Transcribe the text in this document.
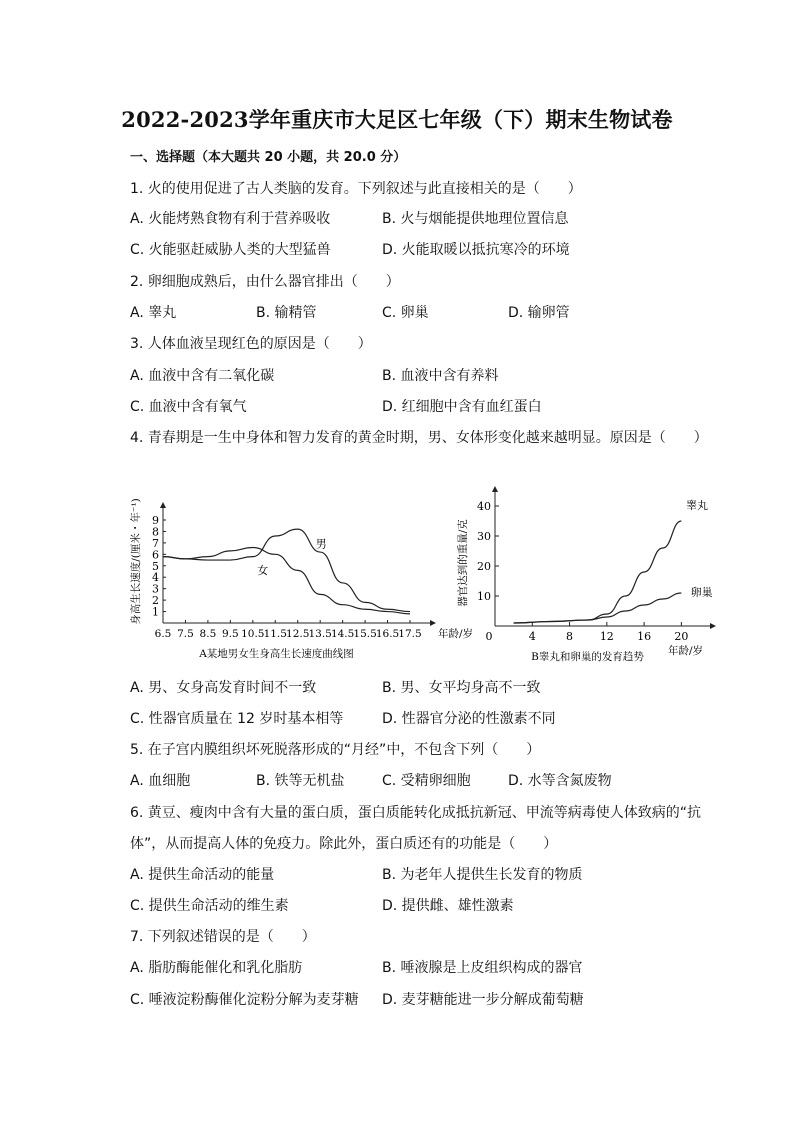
2022-2023学年重庆市大足区七年级（下）期末生物试卷
一、选择题（本大题共 20 小题，共 20.0 分）
1. 火的使用促进了古人类脑的发育。下列叙述与此直接相关的是（　　）
A. 火能烤熟食物有利于营养吸收	B. 火与烟能提供地理位置信息
C. 火能驱赶威胁人类的大型猛兽	D. 火能取暖以抵抗寒冷的环境
2. 卵细胞成熟后，由什么器官排出（　　）
A. 睾丸	B. 输精管	C. 卵巢	D. 输卵管
3. 人体血液呈现红色的原因是（　　）
A. 血液中含有二氧化碳	B. 血液中含有养料
C. 血液中含有氧气	D. 红细胞中含有血红蛋白
4. 青春期是一生中身体和智力发育的黄金时期，男、女体形变化越来越明显。原因是（　　）
1
2
3
4
5
6
7
8
9
6.5 7.5 8.5 9.5 10.5 11.5 12.5 13.5 14.5 15.5 16.5 17.5 年龄/岁
身高生长速度/(厘米・年⁻¹)	女
男
A某地男女生身高生长速度曲线图
10
20
30
40
0	4	8 12 16 20
年龄/岁
器官达到的重量/克
睾丸
卵巢
B睾丸和卵巢的发育趋势
A. 男、女身高发育时间不一致	B. 男、女平均身高不一致
C. 性器官质量在 12 岁时基本相等	D. 性器官分泌的性激素不同
5. 在子宫内膜组织坏死脱落形成的“月经”中，不包含下列（　　）
A. 血细胞	B. 铁等无机盐	C. 受精卵细胞	D. 水等含氮废物
6. 黄豆、瘦肉中含有大量的蛋白质，蛋白质能转化成抵抗新冠、甲流等病毒使人体致病的“抗
体”，从而提高人体的免疫力。除此外，蛋白质还有的功能是（　　）
A. 提供生命活动的能量	B. 为老年人提供生长发育的物质
C. 提供生命活动的维生素	D. 提供雌、雄性激素
7. 下列叙述错误的是（　　）
A. 脂肪酶能催化和乳化脂肪	B. 唾液腺是上皮组织构成的器官
C. 唾液淀粉酶催化淀粉分解为麦芽糖 D. 麦芽糖能进一步分解成葡萄糖
